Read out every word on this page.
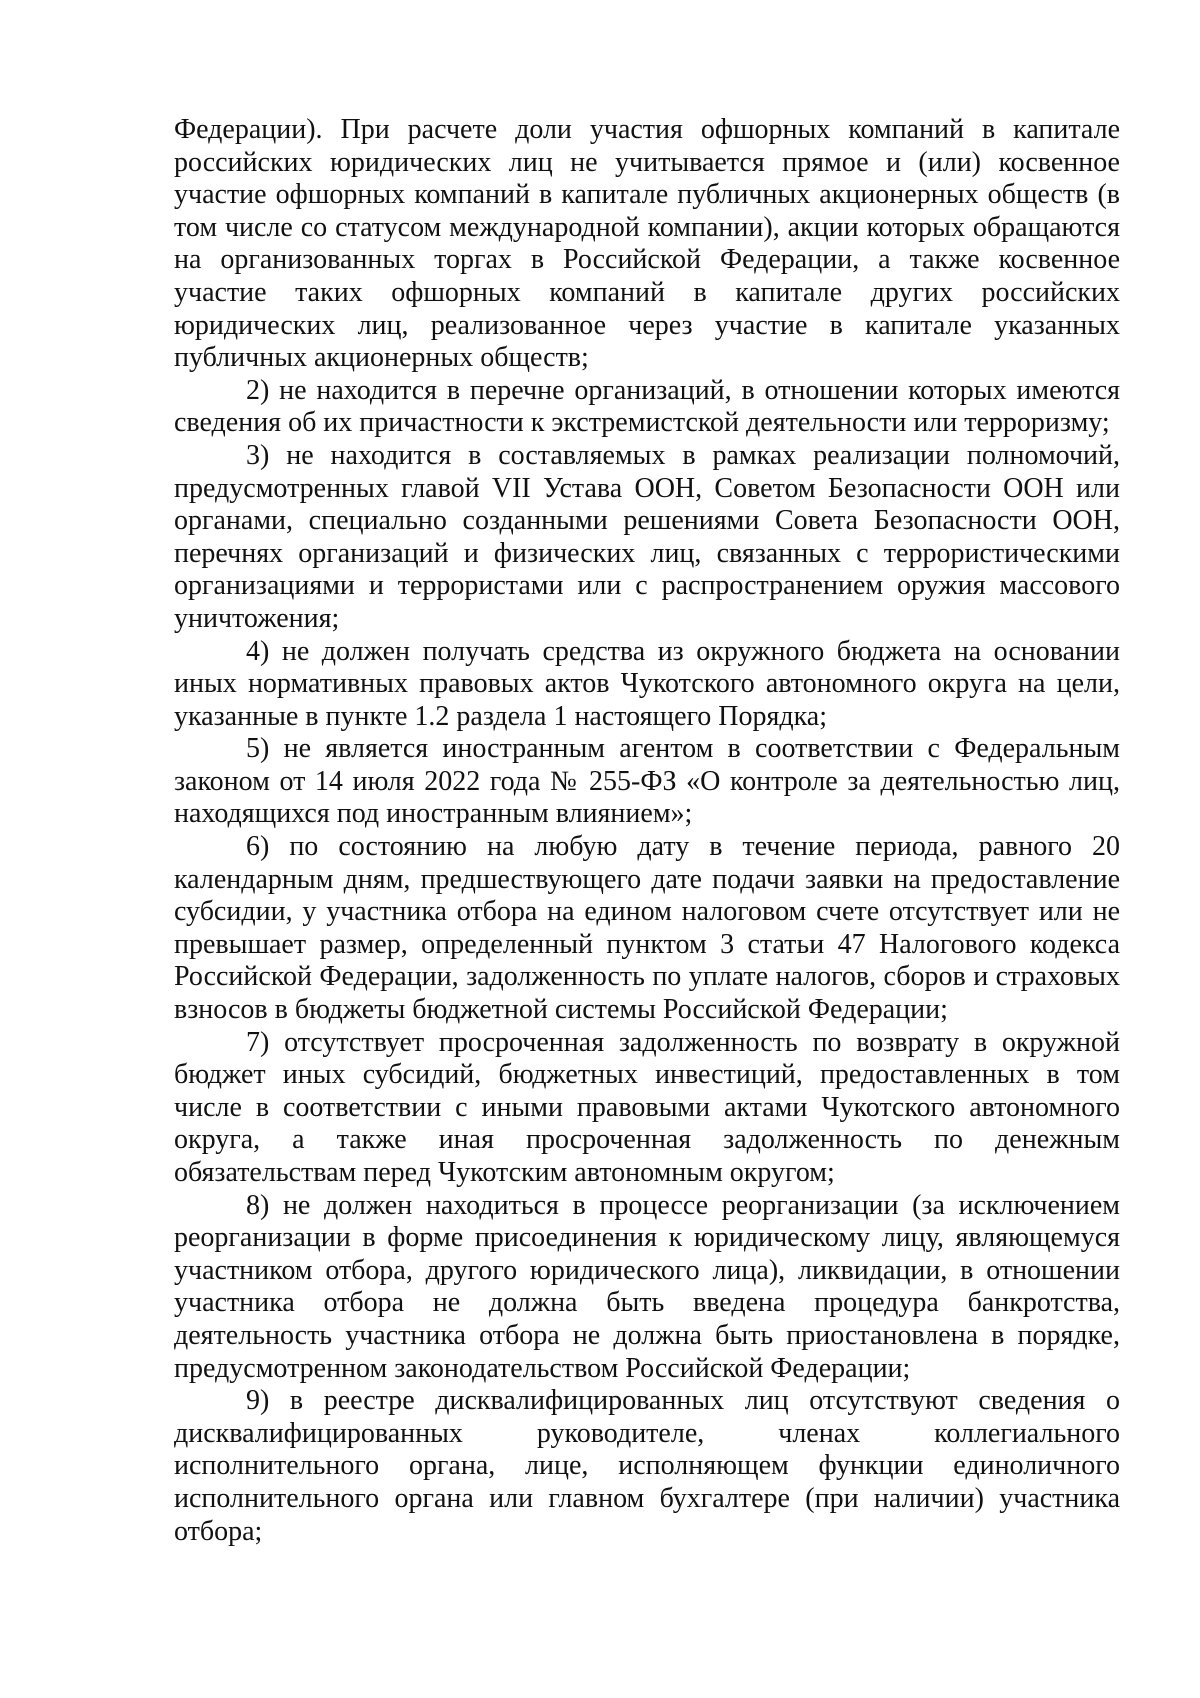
Федерации). При расчете доли участия офшорных компаний в капитале российских юридических лиц не учитывается прямое и (или) косвенное участие офшорных компаний в капитале публичных акционерных обществ (в том числе со статусом международной компании), акции которых обращаются на организованных торгах в Российской Федерации, а также косвенное участие таких офшорных компаний в капитале других российских юридических лиц, реализованное через участие в капитале указанных публичных акционерных обществ;

2) не находится в перечне организаций, в отношении которых имеются сведения об их причастности к экстремистской деятельности или терроризму;

3) не находится в составляемых в рамках реализации полномочий, предусмотренных главой VII Устава ООН, Советом Безопасности ООН или органами, специально созданными решениями Совета Безопасности ООН, перечнях организаций и физических лиц, связанных с террористическими организациями и террористами или с распространением оружия массового уничтожения;

4) не должен получать средства из окружного бюджета на основании иных нормативных правовых актов Чукотского автономного округа на цели, указанные в пункте 1.2 раздела 1 настоящего Порядка;

5) не является иностранным агентом в соответствии с Федеральным законом от 14 июля 2022 года № 255-ФЗ «О контроле за деятельностью лиц, находящихся под иностранным влиянием»;

6) по состоянию на любую дату в течение периода, равного 20 календарным дням, предшествующего дате подачи заявки на предоставление субсидии, у участника отбора на едином налоговом счете отсутствует или не превышает размер, определенный пунктом 3 статьи 47 Налогового кодекса Российской Федерации, задолженность по уплате налогов, сборов и страховых взносов в бюджеты бюджетной системы Российской Федерации;

7) отсутствует просроченная задолженность по возврату в окружной бюджет иных субсидий, бюджетных инвестиций, предоставленных в том числе в соответствии с иными правовыми актами Чукотского автономного округа, а также иная просроченная задолженность по денежным обязательствам перед Чукотским автономным округом;

8) не должен находиться в процессе реорганизации (за исключением реорганизации в форме присоединения к юридическому лицу, являющемуся участником отбора, другого юридического лица), ликвидации, в отношении участника отбора не должна быть введена процедура банкротства, деятельность участника отбора не должна быть приостановлена в порядке, предусмотренном законодательством Российской Федерации;

9) в реестре дисквалифицированных лиц отсутствуют сведения о дисквалифицированных руководителе, членах коллегиального исполнительного органа, лице, исполняющем функции единоличного исполнительного органа или главном бухгалтере (при наличии) участника отбора;
